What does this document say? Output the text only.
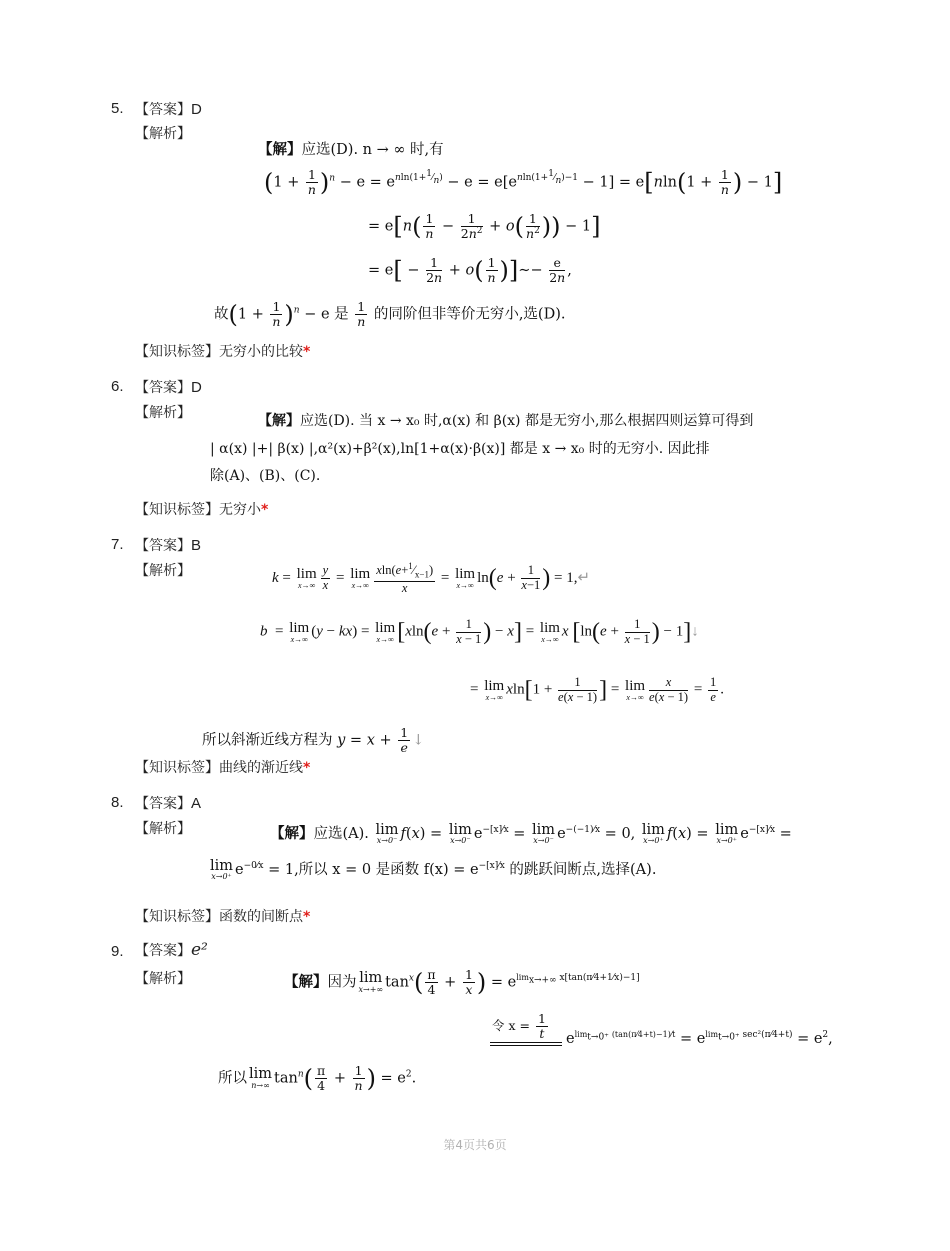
5. 【答案】D
【解析】
【解】应选(D). n → ∞ 时,有
$(1 + \frac{1}{n} )^n - e = e^{nln(1+^1⁄_n)} - e = e[e^{nln(1+^1⁄_n)-1} - 1] = e[nln(1 + \frac{1}{n}$ ) − 1]
= $e[n( \frac{1}{n} - \frac{1}{2n^2} + o( \frac{1}{n^2}$ )) − 1]
= $e[ - \frac{1}{2n} + o( \frac{1}{n}$ )]∼− $\frac{e}{2n}$ ,
故$(1 + \frac{1}{n} )^n - e$ 是 $\frac{1}{n}$ 的同阶但非等价无穷小,选(D).
【知识标签】无穷小的比较*
6. 【答案】D
【解析】	【解】应选(D). 当 x → x₀ 时,α(x) 和 β(x) 都是无穷小,那么根据四则运算可得到
| α(x) |+| β(x) |,α²(x)+β²(x),ln[1+α(x)·β(x)] 都是 x → x₀ 时的无穷小. 因此排
除(A)、(B)、(C).
【知识标签】无穷小*
7. 【答案】B
【解析】	k = lim
$x\to\infty \frac{y}{x} = \lim$
$x\to\infty \frac{xln(e+^1⁄_{x-1})}{x} = \lim$
x→∞ $\ln(e + \frac{1}{x-1}$ ) = 1,↵
b  = lim
x→∞ (y − kx) = lim
x→∞ [$xln(e + \frac{1}{x - 1}$ ) − x] = lim
x→∞ x [$\ln(e + \frac{1}{x - 1}$ ) − 1]↓
= lim
x→∞ $xln[1 + \frac{1}{e(x - 1)}$ ] = lim
$x\to\infty \frac{x}{e(x - 1)} = \frac{1}{e}$ .
所以斜渐近线方程为 $y = x + \frac{1}{e}$ ↓
【知识标签】曲线的渐近线*
8. 【答案】A
【解析】	【解】应选(A). lim
x→0⁻ f(x) = lim
x→0⁻ $e^{-[x]⁄x} = \lim$
x→0⁻ $e^{-(-1)⁄x} = 0$, lim
x→0⁺ f(x) = lim
x→0⁺ $e^{-[x]⁄x}$ =
lim
x→0⁺ $e^{-0⁄x} = 1$,所以 x = 0 是函数 $f(x) = e^{-[x]⁄x}$ 的跳跃间断点,选择(A).
【知识标签】函数的间断点*
9. 【答案】e²
【解析】	【解】因为 lim
x→+∞ $\tan^x( \frac{\pi}{4} + \frac{1}{x}$ ) = $e^{lim_{x\to+\infty} x[tan(\pi⁄4+1⁄x)-1]}$
令 $x = \frac{1}{t} e^{lim_{t\to 0^+} (tan(\pi⁄4+t)-1)⁄t} = e^{lim_{t\to 0^+} sec^2(\pi⁄4+t)} = e^2$,
所以 lim
n→∞ $\tan^n( \frac{\pi}{4} + \frac{1}{n}$ ) = $e^2$.
第4页共6页
